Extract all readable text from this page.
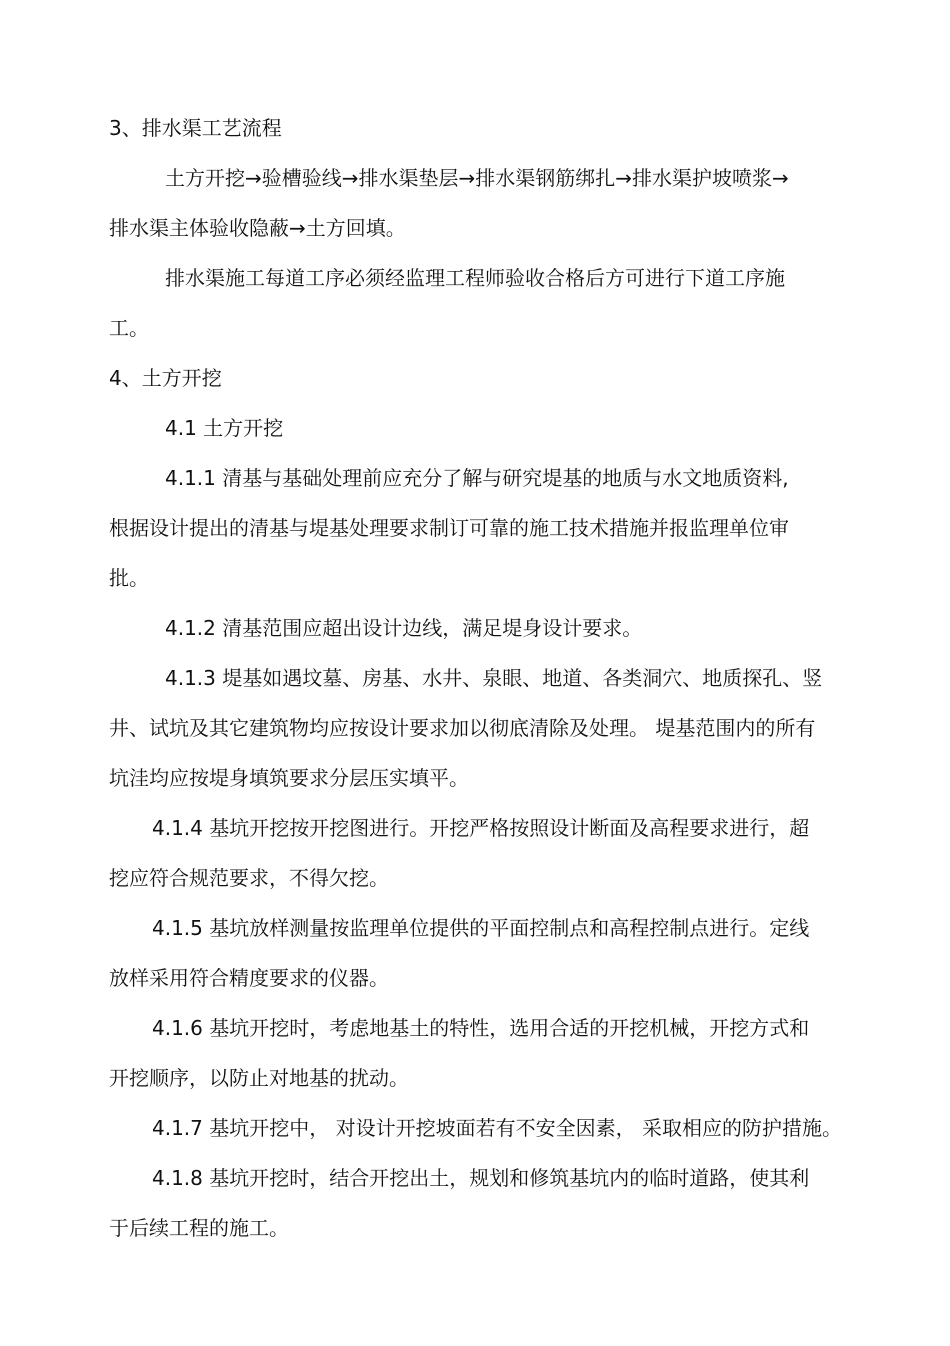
3、排水渠工艺流程
土方开挖→验槽验线→排水渠垫层→排水渠钢筋绑扎→排水渠护坡喷浆→
排水渠主体验收隐蔽→土方回填。
排水渠施工每道工序必须经监理工程师验收合格后方可进行下道工序施
工。
4、土方开挖
4.1 土方开挖
4.1.1 清基与基础处理前应充分了解与研究堤基的地质与水文地质资料,
根据设计提出的清基与堤基处理要求制订可靠的施工技术措施并报监理单位审
批。
4.1.2 清基范围应超出设计边线，满足堤身设计要求。
4.1.3 堤基如遇坟墓、房基、水井、泉眼、地道、各类洞穴、地质探孔、竖
井、试坑及其它建筑物均应按设计要求加以彻底清除及处理。 堤基范围内的所有
坑洼均应按堤身填筑要求分层压实填平。
4.1.4 基坑开挖按开挖图进行。开挖严格按照设计断面及高程要求进行，超
挖应符合规范要求，不得欠挖。
4.1.5 基坑放样测量按监理单位提供的平面控制点和高程控制点进行。定线
放样采用符合精度要求的仪器。
4.1.6 基坑开挖时，考虑地基土的特性，选用合适的开挖机械，开挖方式和
开挖顺序，以防止对地基的扰动。
4.1.7 基坑开挖中， 对设计开挖坡面若有不安全因素， 采取相应的防护措施。
4.1.8 基坑开挖时，结合开挖出土，规划和修筑基坑内的临时道路，使其利
于后续工程的施工。
